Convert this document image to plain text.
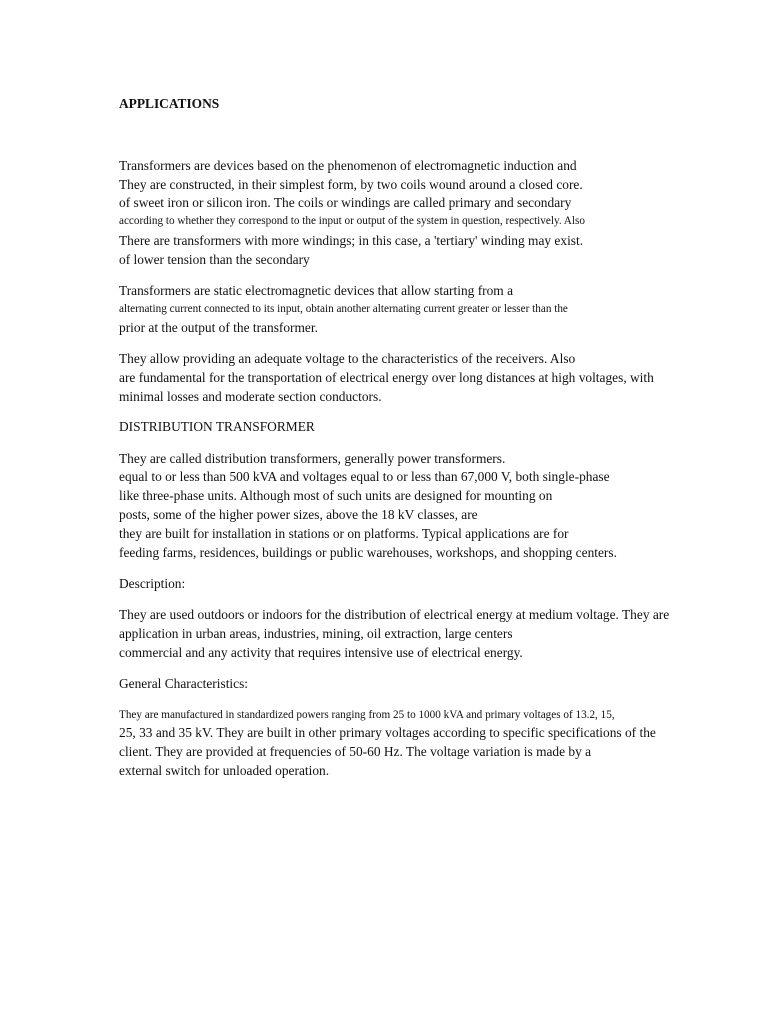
APPLICATIONS
Transformers are devices based on the phenomenon of electromagnetic induction and
They are constructed, in their simplest form, by two coils wound around a closed core.
of sweet iron or silicon iron. The coils or windings are called primary and secondary
according to whether they correspond to the input or output of the system in question, respectively. Also
There are transformers with more windings; in this case, a 'tertiary' winding may exist.
of lower tension than the secondary
Transformers are static electromagnetic devices that allow starting from a
alternating current connected to its input, obtain another alternating current greater or lesser than the
prior at the output of the transformer.
They allow providing an adequate voltage to the characteristics of the receivers. Also
are fundamental for the transportation of electrical energy over long distances at high voltages, with
minimal losses and moderate section conductors.
DISTRIBUTION TRANSFORMER
They are called distribution transformers, generally power transformers.
equal to or less than 500 kVA and voltages equal to or less than 67,000 V, both single-phase
like three-phase units. Although most of such units are designed for mounting on
posts, some of the higher power sizes, above the 18 kV classes, are
they are built for installation in stations or on platforms. Typical applications are for
feeding farms, residences, buildings or public warehouses, workshops, and shopping centers.
Description:
They are used outdoors or indoors for the distribution of electrical energy at medium voltage. They are
application in urban areas, industries, mining, oil extraction, large centers
commercial and any activity that requires intensive use of electrical energy.
General Characteristics:
They are manufactured in standardized powers ranging from 25 to 1000 kVA and primary voltages of 13.2, 15,
25, 33 and 35 kV. They are built in other primary voltages according to specific specifications of the
client. They are provided at frequencies of 50-60 Hz. The voltage variation is made by a
external switch for unloaded operation.
